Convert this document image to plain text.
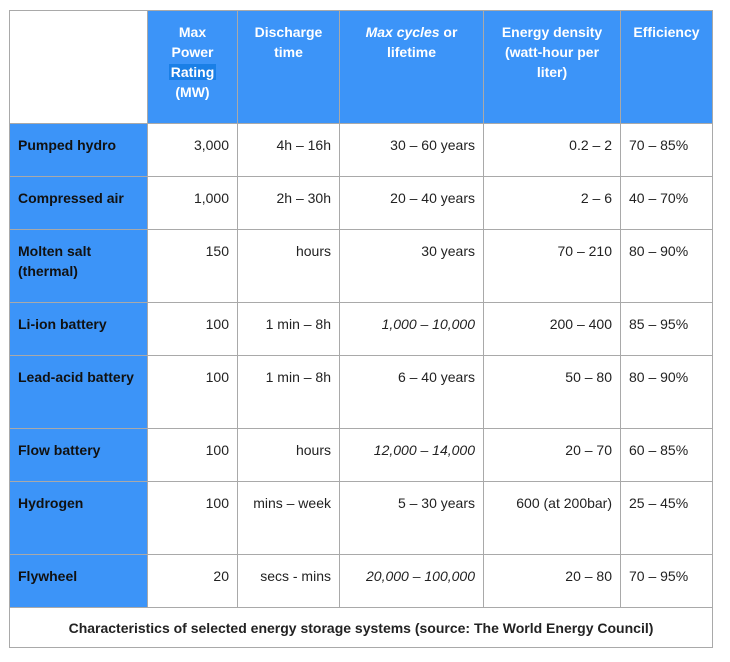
	Max
Power
Rating
(MW)	Discharge time	Max cycles or lifetime	Energy density (watt-hour per liter)	Efficiency
Pumped hydro	3,000	4h – 16h	30 – 60 years	0.2 – 2	70 – 85%
Compressed air	1,000	2h – 30h	20 – 40 years	2 – 6	40 – 70%
Molten salt (thermal)	150	hours	30 years	70 – 210	80 – 90%
Li-ion battery	100	1 min – 8h	1,000 – 10,000	200 – 400	85 – 95%
Lead-acid battery	100	1 min – 8h	6 – 40 years	50 – 80	80 – 90%
Flow battery	100	hours	12,000 – 14,000	20 – 70	60 – 85%
Hydrogen	100	mins – week	5 – 30 years	600 (at 200bar)	25 – 45%
Flywheel	20	secs - mins	20,000 – 100,000	20 – 80	70 – 95%
Characteristics of selected energy storage systems (source: The World Energy Council)					
